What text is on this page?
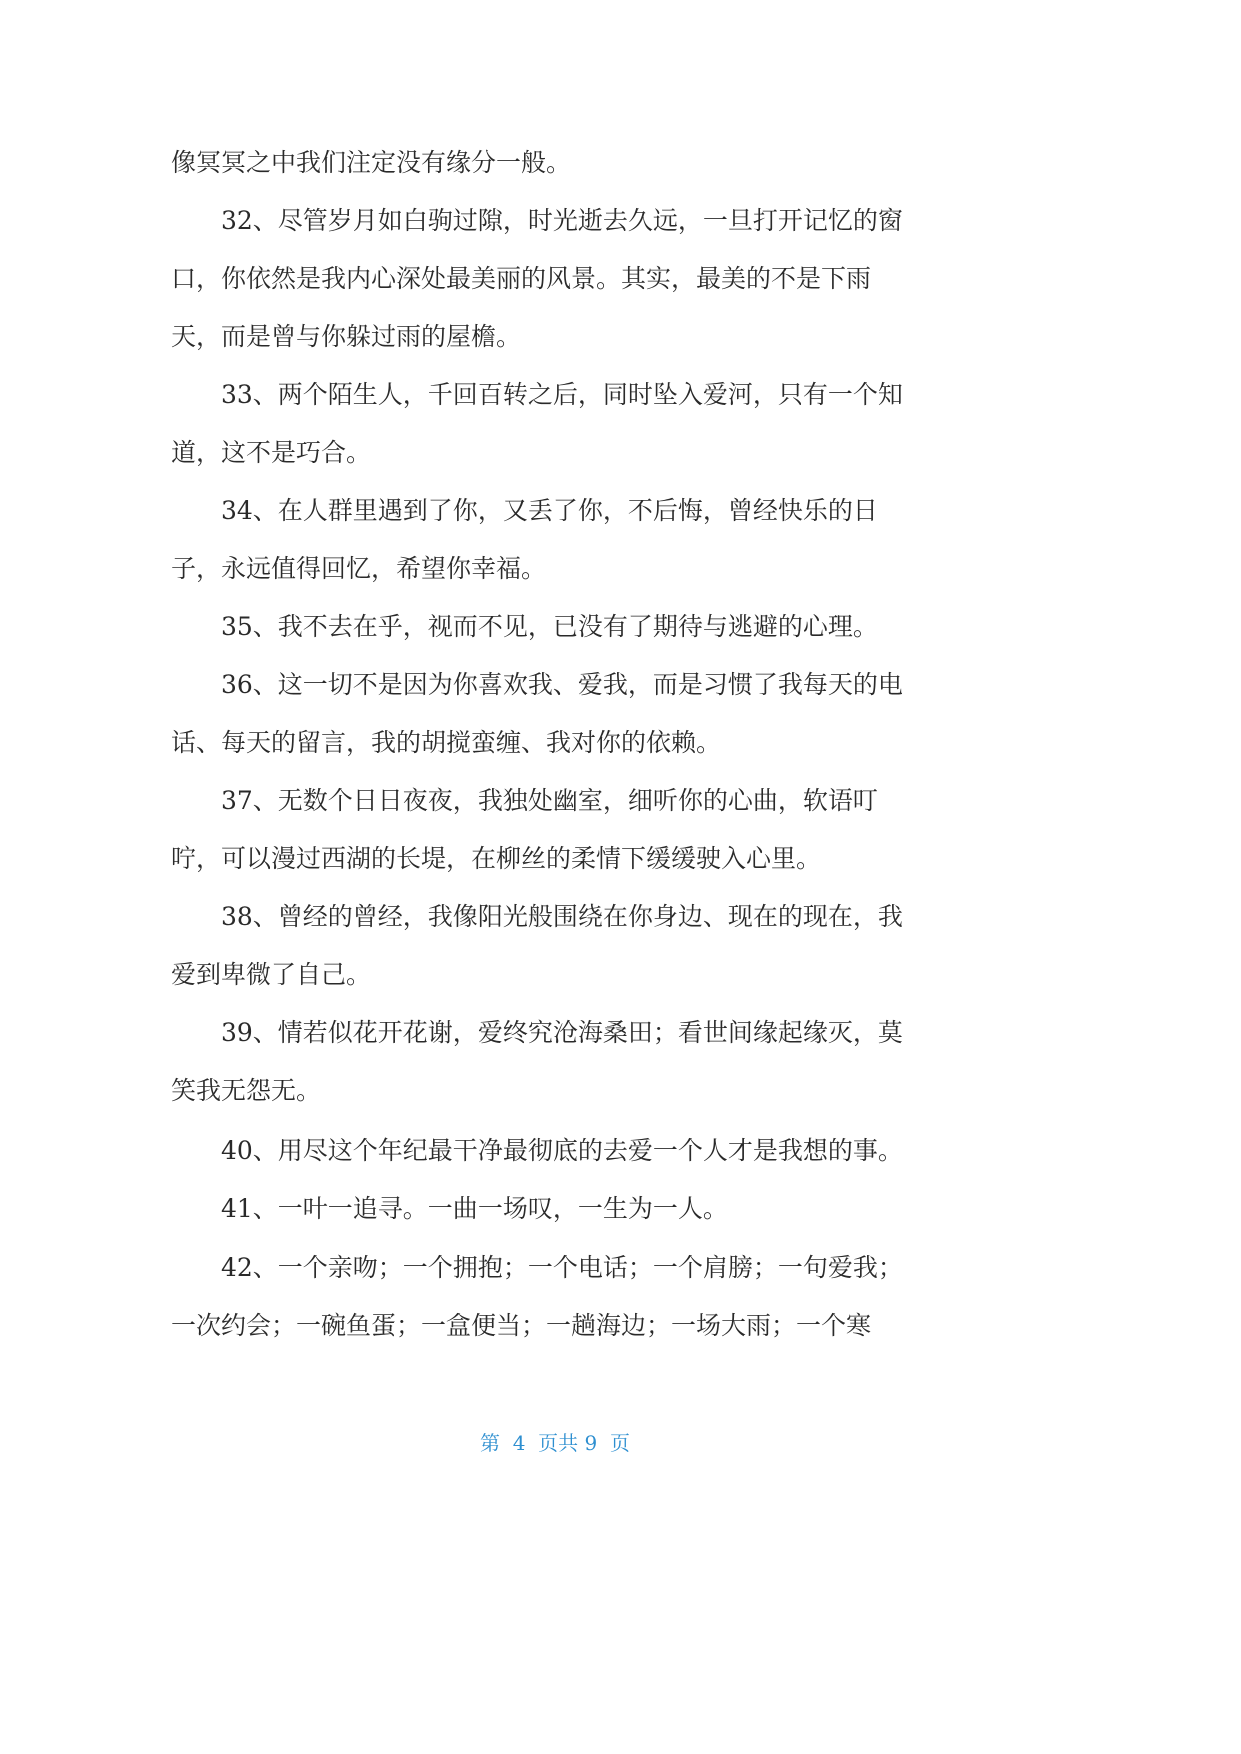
像冥冥之中我们注定没有缘分一般。

　　32、尽管岁月如白驹过隙，时光逝去久远，一旦打开记忆的窗

口，你依然是我内心深处最美丽的风景。其实，最美的不是下雨

天，而是曾与你躲过雨的屋檐。

　　33、两个陌生人，千回百转之后，同时坠入爱河，只有一个知

道，这不是巧合。

　　34、在人群里遇到了你，又丢了你，不后悔，曾经快乐的日

子，永远值得回忆，希望你幸福。

　　35、我不去在乎，视而不见，已没有了期待与逃避的心理。

　　36、这一切不是因为你喜欢我、爱我，而是习惯了我每天的电

话、每天的留言，我的胡搅蛮缠、我对你的依赖。

　　37、无数个日日夜夜，我独处幽室，细听你的心曲，软语叮

咛，可以漫过西湖的长堤，在柳丝的柔情下缓缓驶入心里。

　　38、曾经的曾经，我像阳光般围绕在你身边、现在的现在，我

爱到卑微了自己。

　　39、情若似花开花谢，爱终究沧海桑田；看世间缘起缘灭，莫

笑我无怨无。

　　40、用尽这个年纪最干净最彻底的去爱一个人才是我想的事。

　　41、一叶一追寻。一曲一场叹，一生为一人。

　　42、一个亲吻；一个拥抱；一个电话；一个肩膀；一句爱我；

一次约会；一碗鱼蛋；一盒便当；一趟海边；一场大雨；一个寒

第  4  页共 9  页
